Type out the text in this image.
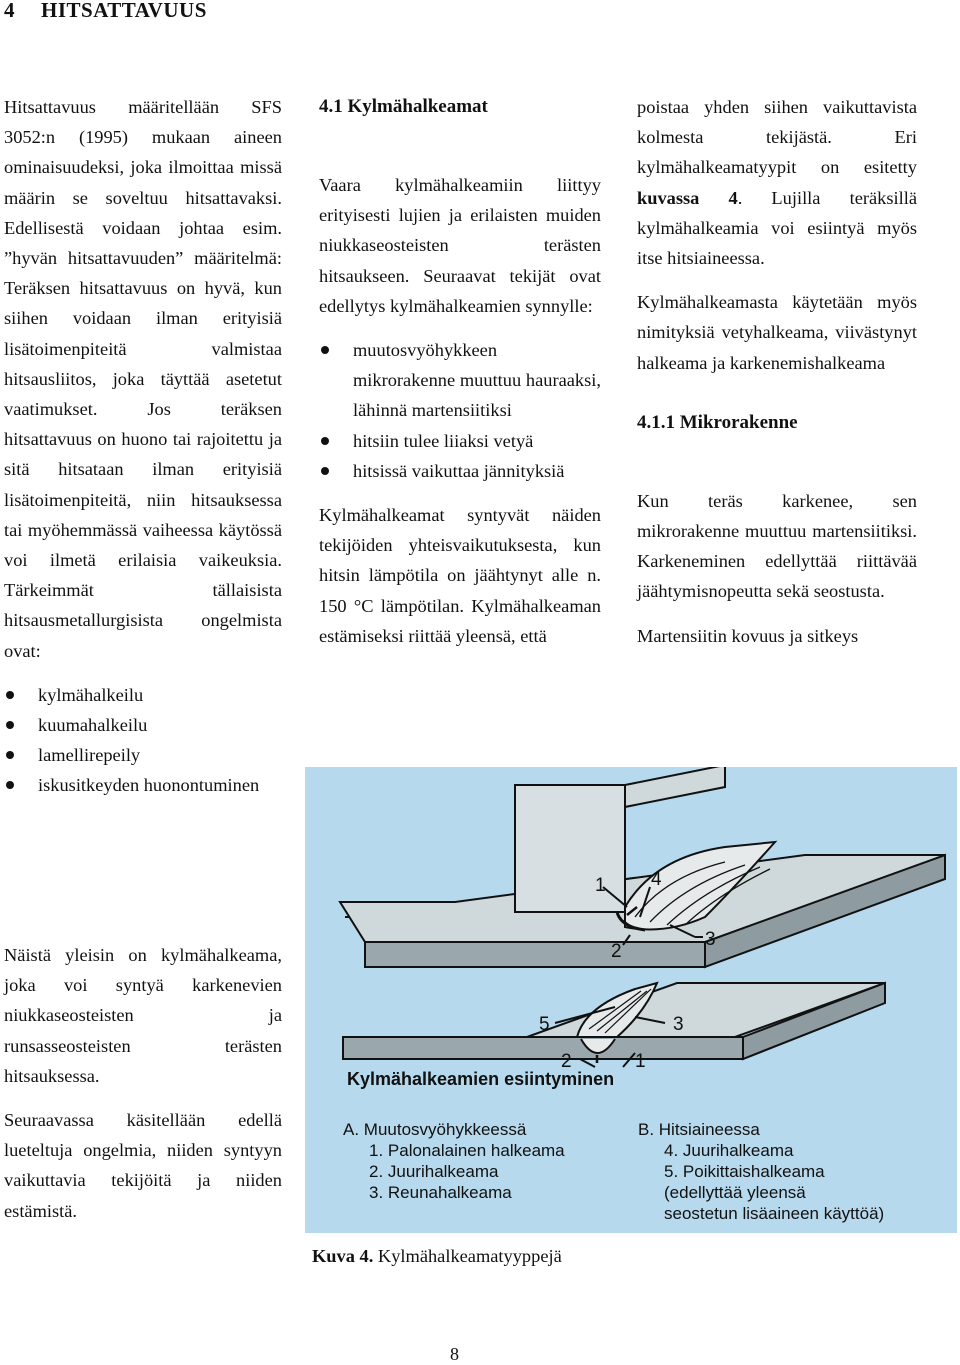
4 HITSATTAVUUS

Hitsattavuus määritellään SFS 3052:n (1995) mukaan aineen ominaisuudeksi, joka ilmoittaa missä määrin se soveltuu hitsattavaksi. Edellisestä voidaan johtaa esim. ”hyvän hitsattavuuden” määritelmä: Teräksen hitsattavuus on hyvä, kun siihen voidaan ilman erityisiä lisätoimenpiteitä valmistaa hitsausliitos, joka täyttää asetetut vaatimukset. Jos teräksen hitsattavuus on huono tai rajoitettu ja sitä hitsataan ilman erityisiä lisätoimenpiteitä, niin hitsauksessa tai myöhemmässä vaiheessa käytössä voi ilmetä erilaisia vaikeuksia. Tärkeimmät tällaisista hitsausmetallurgisista ongelmista ovat:

kylmähalkeilu
kuumahalkeilu
lamellirepeily
iskusitkeyden huonontuminen

Näistä yleisin on kylmähalkeama, joka voi syntyä karkenevien niukkaseosteisten ja runsasseosteisten terästen hitsauksessa.

Seuraavassa käsitellään edellä lueteltuja ongelmia, niiden syntyyn vaikuttavia tekijöitä ja niiden estämistä.

4.1 Kylmähalkeamat

Vaara kylmähalkeamiin liittyy erityisesti lujien ja erilaisten muiden niukkaseosteisten terästen hitsaukseen. Seuraavat tekijät ovat edellytys kylmähalkeamien synnylle:

muutosvyöhykkeen mikrorakenne muuttuu hauraaksi, lähinnä martensiitiksi
hitsiin tulee liiaksi vetyä
hitsissä vaikuttaa jännityksiä

Kylmähalkeamat syntyvät näiden tekijöiden yhteisvaikutuksesta, kun hitsin lämpötila on jäähtynyt alle n. 150 °C lämpötilan. Kylmähalkeaman estämiseksi riittää yleensä, että

poistaa yhden siihen vaikuttavista kolmesta tekijästä. Eri kylmähalkeamatyypit on esitetty kuvassa 4. Lujilla teräksillä kylmähalkeamia voi esiintyä myös itse hitsiaineessa.

Kylmähalkeamasta käytetään myös nimityksiä vetyhalkeama, viivästynyt halkeama ja karkenemishalkeama

4.1.1 Mikrorakenne

Kun teräs karkenee, sen mikrorakenne muuttuu martensiitiksi. Karkeneminen edellyttää riittävää jäähtymisnopeutta sekä seostusta.

Martensiitin kovuus ja sitkeys

1 4
3
2
5	3
2	1
Kylmähalkeamien esiintyminen
A. Muutosvyöhykkeessä
1. Palonalainen halkeama
2. Juurihalkeama
3. Reunahalkeama
B. Hitsiaineessa
4. Juurihalkeama
5. Poikittaishalkeama
(edellyttää yleensä
seostetun lisäaineen käyttöä)
Kuva 4. Kylmähalkeamatyyppejä
8
